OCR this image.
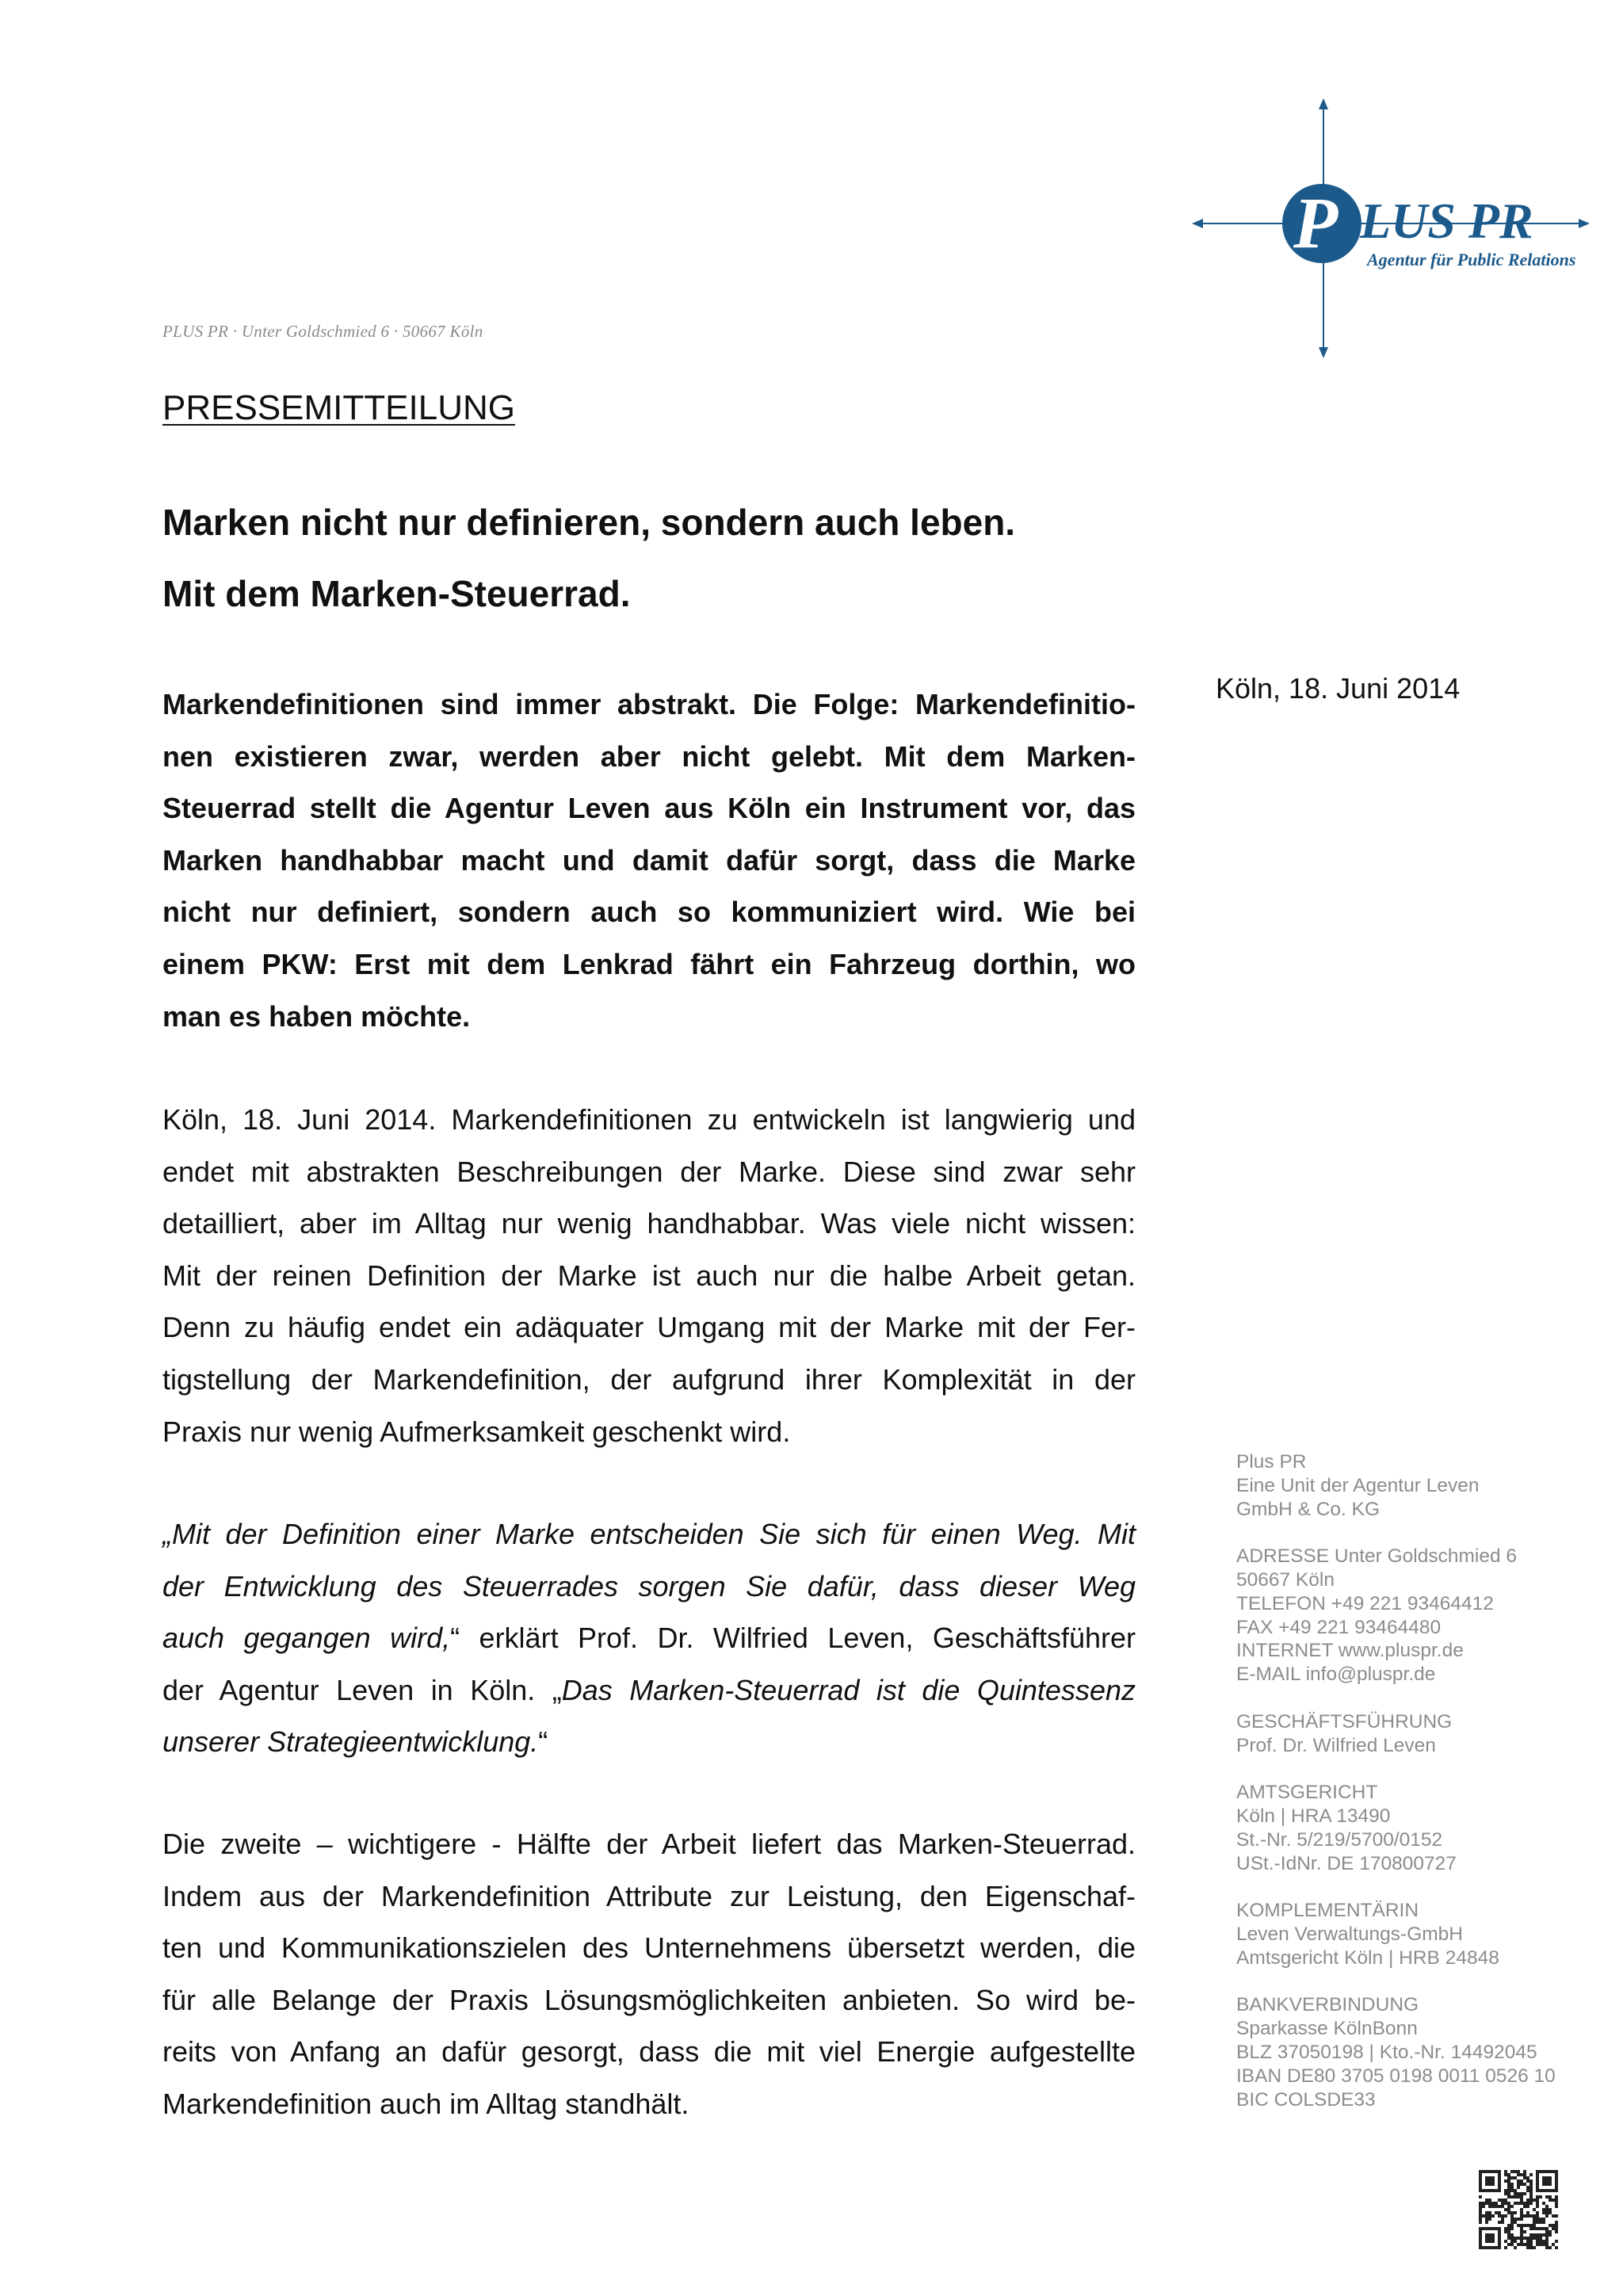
P LUS PR
Agentur für Public Relations
PLUS PR · Unter Goldschmied 6 · 50667 Köln
PRESSEMITTEILUNG
Marken nicht nur definieren, sondern auch leben.
Mit dem Marken-Steuerrad.
Köln, 18. Juni 2014
Markendefinitionen sind immer abstrakt. Die Folge: Markendefinitio-
nen existieren zwar, werden aber nicht gelebt. Mit dem Marken-
Steuerrad stellt die Agentur Leven aus Köln ein Instrument vor, das
Marken handhabbar macht und damit dafür sorgt, dass die Marke
nicht nur definiert, sondern auch so kommuniziert wird. Wie bei
einem PKW: Erst mit dem Lenkrad fährt ein Fahrzeug dorthin, wo
man es haben möchte.
Köln, 18. Juni 2014. Markendefinitionen zu entwickeln ist langwierig und
endet mit abstrakten Beschreibungen der Marke. Diese sind zwar sehr
detailliert, aber im Alltag nur wenig handhabbar. Was viele nicht wissen:
Mit der reinen Definition der Marke ist auch nur die halbe Arbeit getan.
Denn zu häufig endet ein adäquater Umgang mit der Marke mit der Fer-
tigstellung der Markendefinition, der aufgrund ihrer Komplexität in der
Praxis nur wenig Aufmerksamkeit geschenkt wird.
„Mit der Definition einer Marke entscheiden Sie sich für einen Weg. Mit
der Entwicklung des Steuerrades sorgen Sie dafür, dass dieser Weg
auch gegangen wird,“ erklärt Prof. Dr. Wilfried Leven, Geschäftsführer
der Agentur Leven in Köln. „Das Marken-Steuerrad ist die Quintessenz
unserer Strategieentwicklung.“
Die zweite – wichtigere - Hälfte der Arbeit liefert das Marken-Steuerrad.
Indem aus der Markendefinition Attribute zur Leistung, den Eigenschaf-
ten und Kommunikationszielen des Unternehmens übersetzt werden, die
für alle Belange der Praxis Lösungsmöglichkeiten anbieten. So wird be-
reits von Anfang an dafür gesorgt, dass die mit viel Energie aufgestellte
Markendefinition auch im Alltag standhält.
Plus PR
Eine Unit der Agentur Leven
GmbH & Co. KG
ADRESSE Unter Goldschmied 6
50667 Köln
TELEFON +49 221 93464412
FAX +49 221 93464480
INTERNET www.pluspr.de
E-MAIL info@pluspr.de
GESCHÄFTSFÜHRUNG
Prof. Dr. Wilfried Leven
AMTSGERICHT
Köln | HRA 13490
St.-Nr. 5/219/5700/0152
USt.-IdNr. DE 170800727
KOMPLEMENTÄRIN
Leven Verwaltungs-GmbH
Amtsgericht Köln | HRB 24848
BANKVERBINDUNG
Sparkasse KölnBonn
BLZ 37050198 | Kto.-Nr. 14492045
IBAN DE80 3705 0198 0011 0526 10
BIC COLSDE33
